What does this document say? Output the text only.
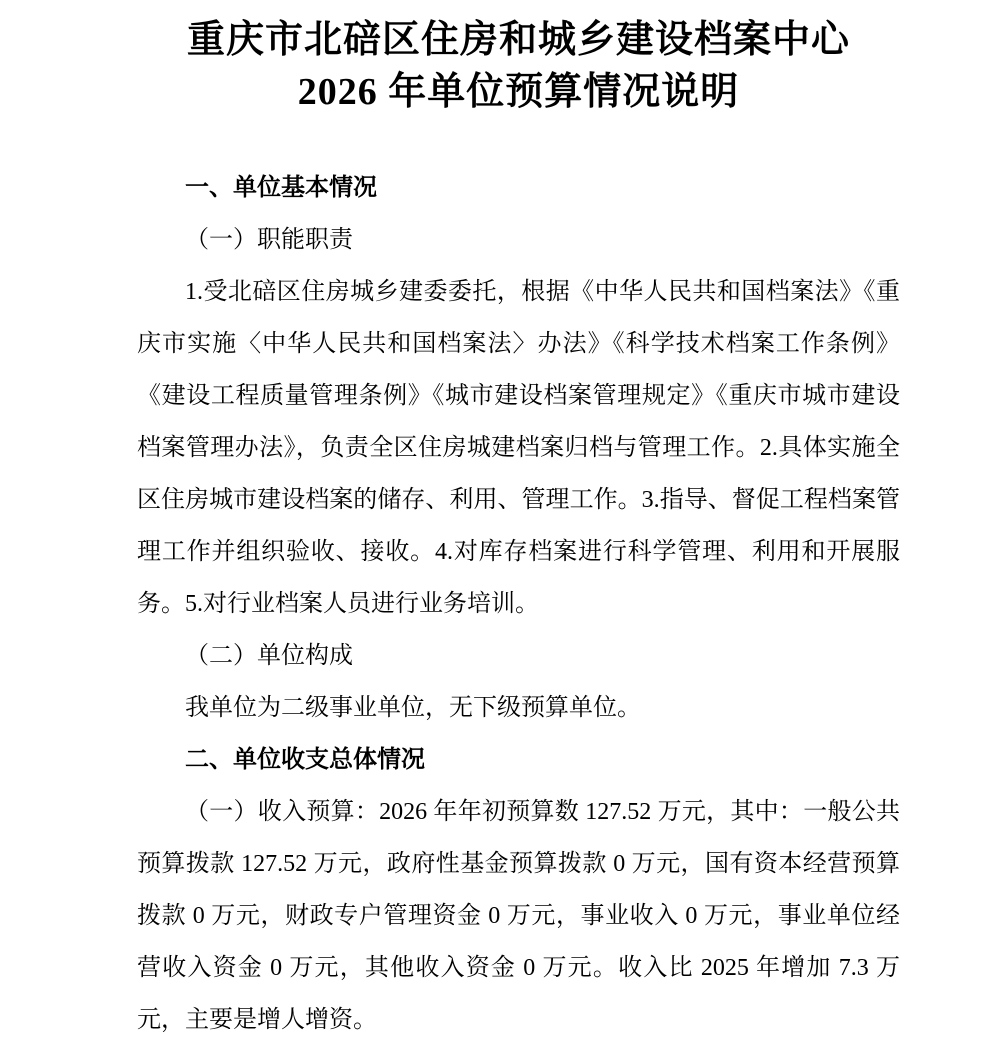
重庆市北碚区住房和城乡建设档案中心
2026 年单位预算情况说明

一、单位基本情况

（一）职能职责

1.受北碚区住房城乡建委委托，根据《中华人民共和国档案法》《重庆市实施〈中华人民共和国档案法〉办法》《科学技术档案工作条例》《建设工程质量管理条例》《城市建设档案管理规定》《重庆市城市建设档案管理办法》，负责全区住房城建档案归档与管理工作。2.具体实施全区住房城市建设档案的储存、利用、管理工作。3.指导、督促工程档案管理工作并组织验收、接收。4.对库存档案进行科学管理、利用和开展服务。5.对行业档案人员进行业务培训。

（二）单位构成

我单位为二级事业单位，无下级预算单位。

二、单位收支总体情况

（一）收入预算：2026 年年初预算数 127.52 万元，其中：一般公共预算拨款 127.52 万元，政府性基金预算拨款 0 万元，国有资本经营预算拨款 0 万元，财政专户管理资金 0 万元，事业收入 0 万元，事业单位经营收入资金 0 万元，其他收入资金 0 万元。收入比 2025 年增加 7.3 万元，主要是增人增资。
